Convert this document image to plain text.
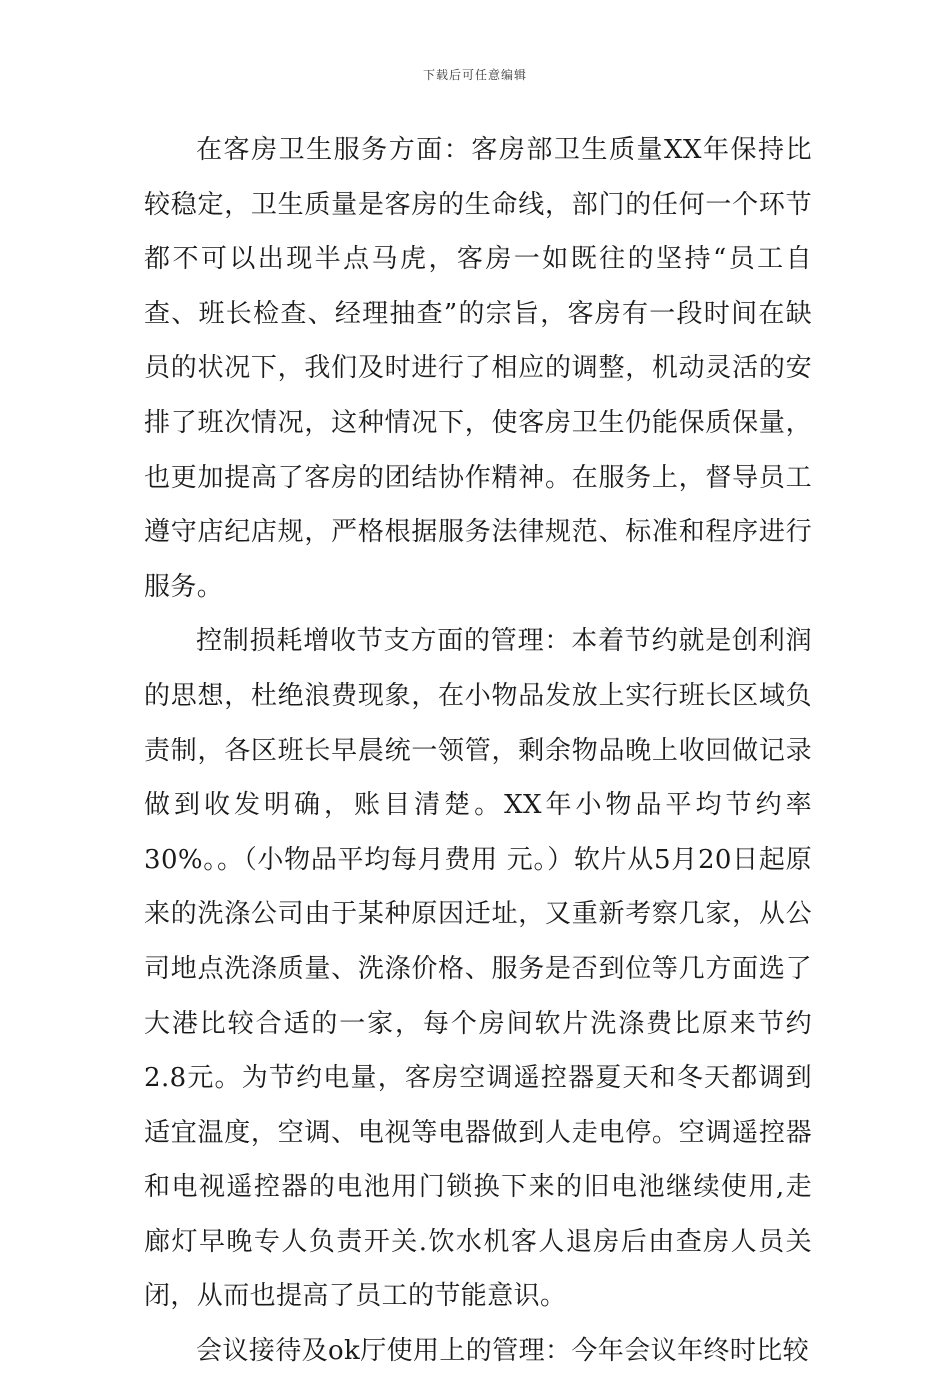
下载后可任意编辑

在客房卫生服务方面：客房部卫生质量XX年保持比较稳定，卫生质量是客房的生命线，部门的任何一个环节都不可以出现半点马虎，客房一如既往的坚持“员工自查、班长检查、经理抽查”的宗旨，客房有一段时间在缺员的状况下，我们及时进行了相应的调整，机动灵活的安排了班次情况，这种情况下，使客房卫生仍能保质保量，也更加提高了客房的团结协作精神。在服务上，督导员工遵守店纪店规，严格根据服务法律规范、标准和程序进行服务。

控制损耗增收节支方面的管理：本着节约就是创利润的思想，杜绝浪费现象，在小物品发放上实行班长区域负责制，各区班长早晨统一领管，剩余物品晚上收回做记录做到收发明确，账目清楚。XX年小物品平均节约率30%。。（小物品平均每月费用 元。）软片从5月20日起原来的洗涤公司由于某种原因迁址，又重新考察几家，从公司地点洗涤质量、洗涤价格、服务是否到位等几方面选了大港比较合适的一家，每个房间软片洗涤费比原来节约2.8元。为节约电量，客房空调遥控器夏天和冬天都调到适宜温度，空调、电视等电器做到人走电停。空调遥控器和电视遥控器的电池用门锁换下来的旧电池继续使用,走廊灯早晚专人负责开关.饮水机客人退房后由查房人员关闭，从而也提高了员工的节能意识。

会议接待及ok厅使用上的管理：今年会议年终时比较
